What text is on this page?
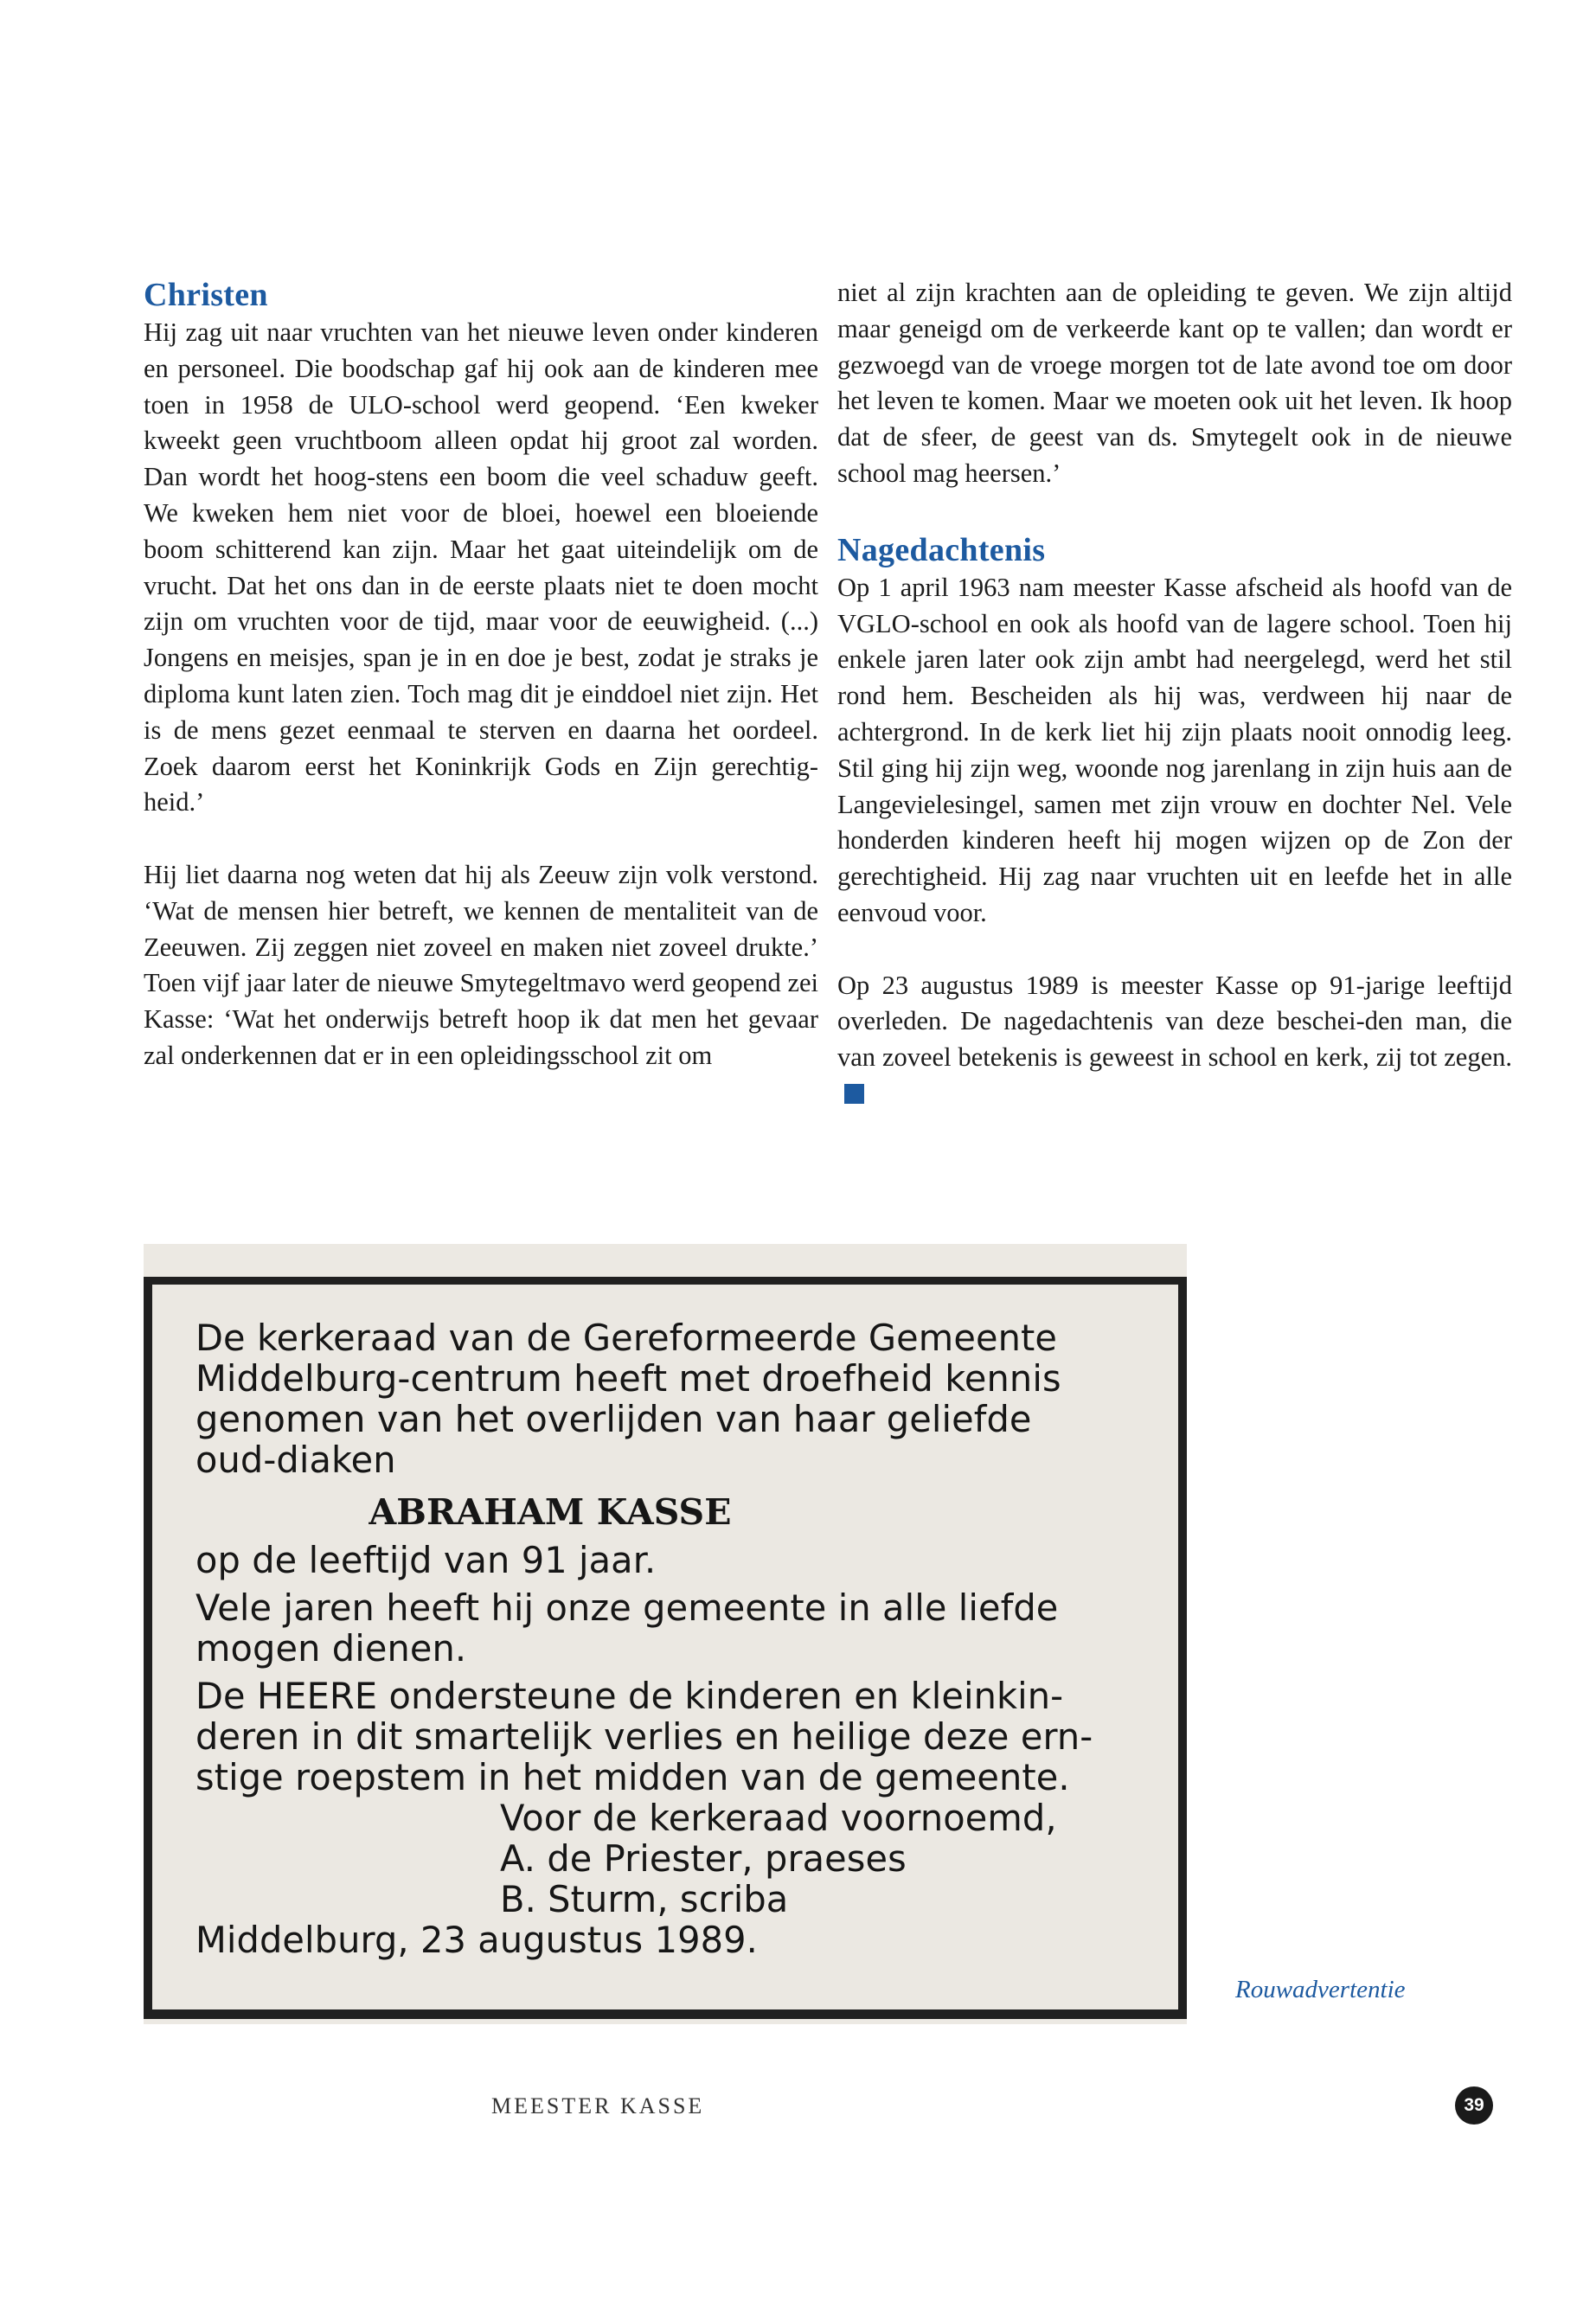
Christen

Hij zag uit naar vruchten van het nieuwe leven onder kinderen en personeel. Die boodschap gaf hij ook aan de kinderen mee toen in 1958 de ULO-school werd geopend. ‘Een kweker kweekt geen vruchtboom alleen opdat hij groot zal worden. Dan wordt het hoog-stens een boom die veel schaduw geeft. We kweken hem niet voor de bloei, hoewel een bloeiende boom schitterend kan zijn. Maar het gaat uiteindelijk om de vrucht. Dat het ons dan in de eerste plaats niet te doen mocht zijn om vruchten voor de tijd, maar voor de eeuwigheid. (...) Jongens en meisjes, span je in en doe je best, zodat je straks je diploma kunt laten zien. Toch mag dit je einddoel niet zijn. Het is de mens gezet eenmaal te sterven en daarna het oordeel. Zoek daarom eerst het Koninkrijk Gods en Zijn gerechtig-heid.’

Hij liet daarna nog weten dat hij als Zeeuw zijn volk verstond. ‘Wat de mensen hier betreft, we kennen de mentaliteit van de Zeeuwen. Zij zeggen niet zoveel en maken niet zoveel drukte.’ Toen vijf jaar later de nieuwe Smytegeltmavo werd geopend zei Kasse: ‘Wat het onderwijs betreft hoop ik dat men het gevaar zal onderkennen dat er in een opleidingsschool zit om

niet al zijn krachten aan de opleiding te geven. We zijn altijd maar geneigd om de verkeerde kant op te vallen; dan wordt er gezwoegd van de vroege morgen tot de late avond toe om door het leven te komen. Maar we moeten ook uit het leven. Ik hoop dat de sfeer, de geest van ds. Smytegelt ook in de nieuwe school mag heersen.’

Nagedachtenis

Op 1 april 1963 nam meester Kasse afscheid als hoofd van de VGLO-school en ook als hoofd van de lagere school. Toen hij enkele jaren later ook zijn ambt had neergelegd, werd het stil rond hem. Bescheiden als hij was, verdween hij naar de achtergrond. In de kerk liet hij zijn plaats nooit onnodig leeg. Stil ging hij zijn weg, woonde nog jarenlang in zijn huis aan de Langevielesingel, samen met zijn vrouw en dochter Nel. Vele honderden kinderen heeft hij mogen wijzen op de Zon der gerechtigheid. Hij zag naar vruchten uit en leefde het in alle eenvoud voor.

Op 23 augustus 1989 is meester Kasse op 91-jarige leeftijd overleden. De nagedachtenis van deze beschei-den man, die van zoveel betekenis is geweest in school en kerk, zij tot zegen.

De kerkeraad van de Gereformeerde Gemeente
Middelburg-centrum heeft met droefheid kennis
genomen van het overlijden van haar geliefde
oud-diaken
ABRAHAM KASSE
op de leeftijd van 91 jaar.
Vele jaren heeft hij onze gemeente in alle liefde
mogen dienen.
De HEERE ondersteune de kinderen en kleinkin-
deren in dit smartelijk verlies en heilige deze ern-
stige roepstem in het midden van de gemeente.
Voor de kerkeraad voornoemd,
A. de Priester, praeses
B. Sturm, scriba
Middelburg, 23 augustus 1989.
Rouwadvertentie
MEESTER KASSE	39
